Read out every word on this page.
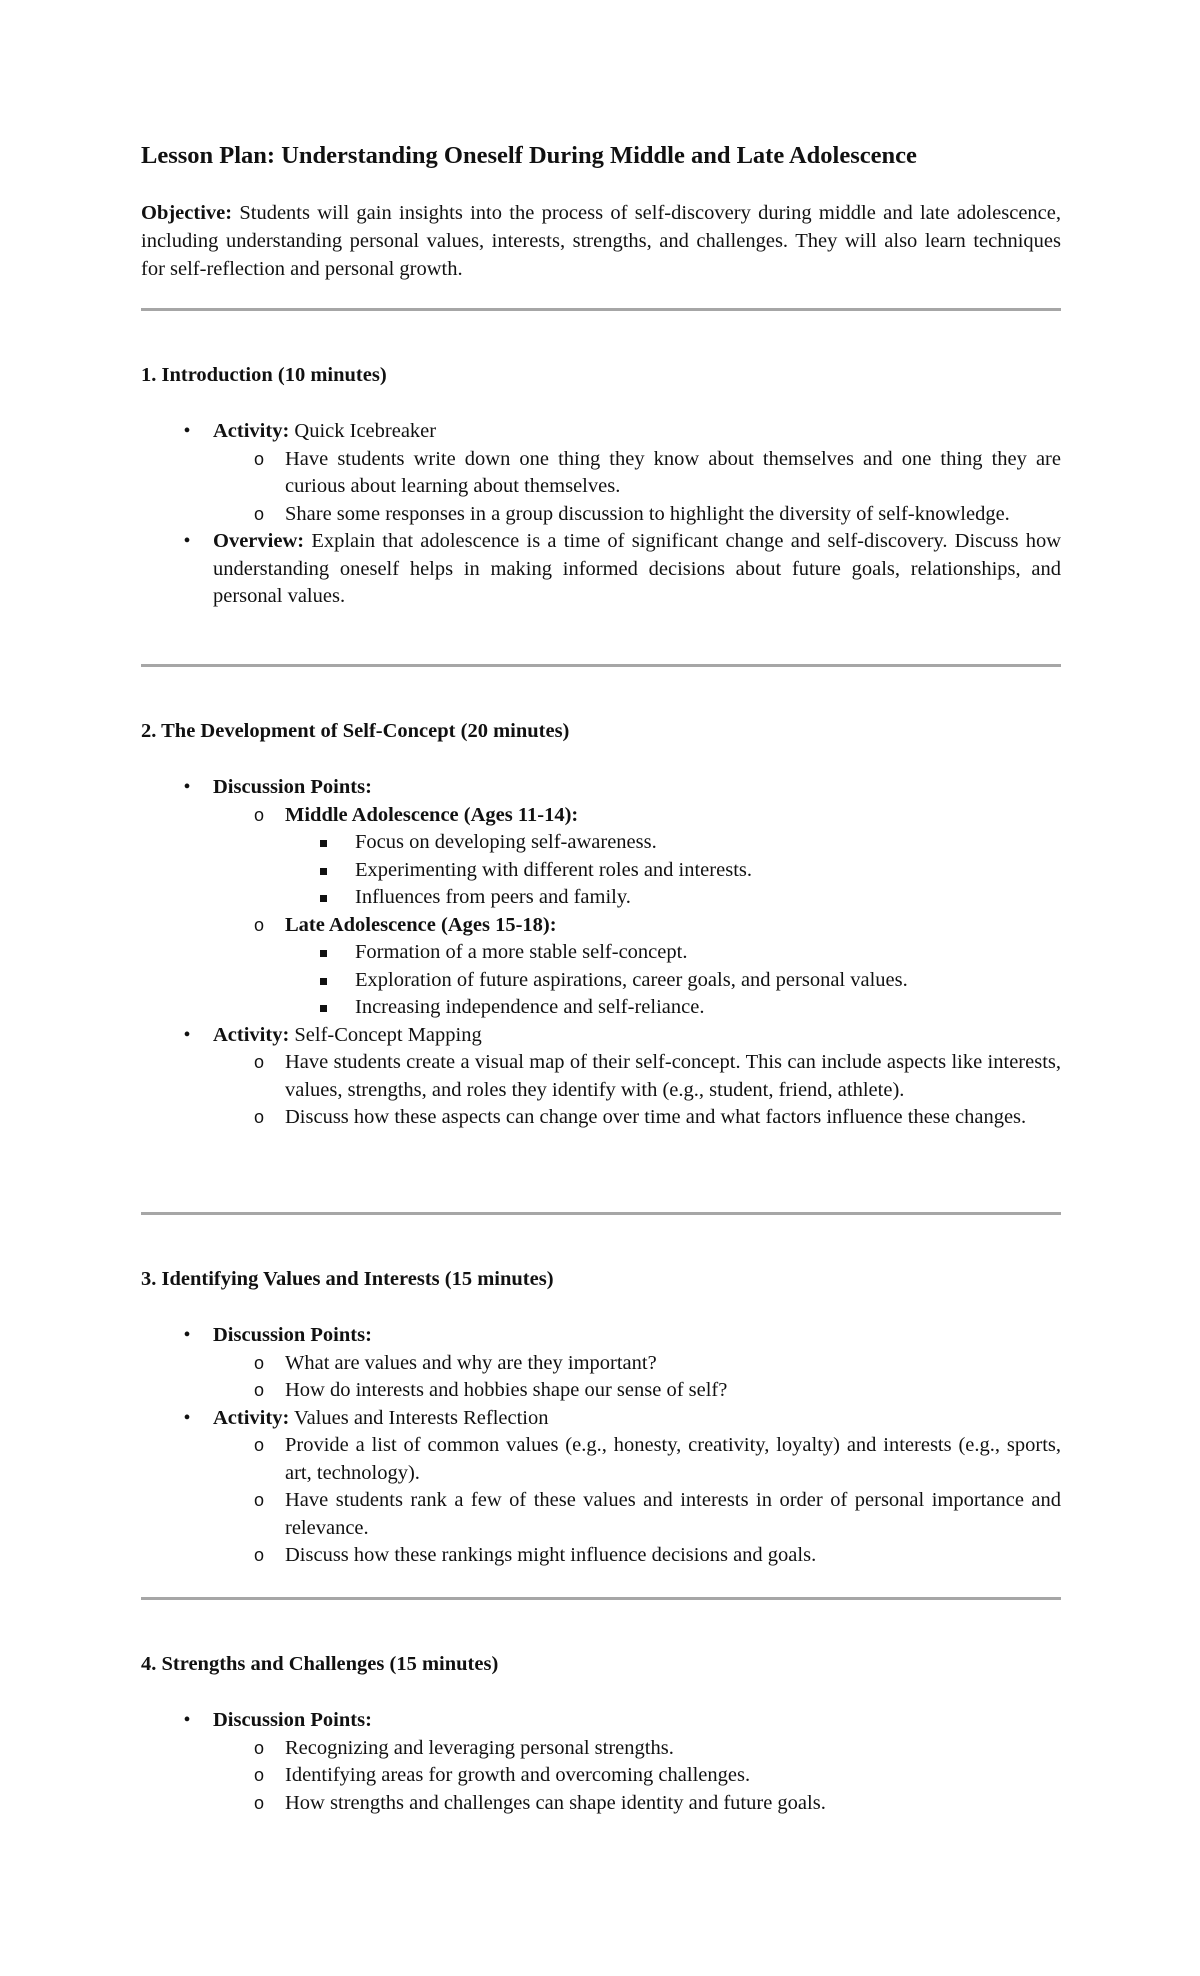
Lesson Plan: Understanding Oneself During Middle and Late Adolescence
Objective: Students will gain insights into the process of self-discovery during middle and late adolescence, including understanding personal values, interests, strengths, and challenges. They will also learn techniques for self-reflection and personal growth.
1. Introduction (10 minutes)
•	Activity: Quick Icebreaker
o Have students write down one thing they know about themselves and one thing they are curious about learning about themselves.
o Share some responses in a group discussion to highlight the diversity of self-knowledge.
•	Overview: Explain that adolescence is a time of significant change and self-discovery. Discuss how understanding oneself helps in making informed decisions about future goals, relationships, and personal values.
2. The Development of Self-Concept (20 minutes)
•	Discussion Points:
o Middle Adolescence (Ages 11-14):
Focus on developing self-awareness.
Experimenting with different roles and interests.
Influences from peers and family.
o Late Adolescence (Ages 15-18):
Formation of a more stable self-concept.
Exploration of future aspirations, career goals, and personal values.
Increasing independence and self-reliance.
•	Activity: Self-Concept Mapping
o Have students create a visual map of their self-concept. This can include aspects like interests, values, strengths, and roles they identify with (e.g., student, friend, athlete).
o Discuss how these aspects can change over time and what factors influence these changes.
3. Identifying Values and Interests (15 minutes)
•	Discussion Points:
o What are values and why are they important?
o How do interests and hobbies shape our sense of self?
•	Activity: Values and Interests Reflection
o Provide a list of common values (e.g., honesty, creativity, loyalty) and interests (e.g., sports, art, technology).
o Have students rank a few of these values and interests in order of personal importance and relevance.
o Discuss how these rankings might influence decisions and goals.
4. Strengths and Challenges (15 minutes)
•	Discussion Points:
o Recognizing and leveraging personal strengths.
o Identifying areas for growth and overcoming challenges.
o How strengths and challenges can shape identity and future goals.
